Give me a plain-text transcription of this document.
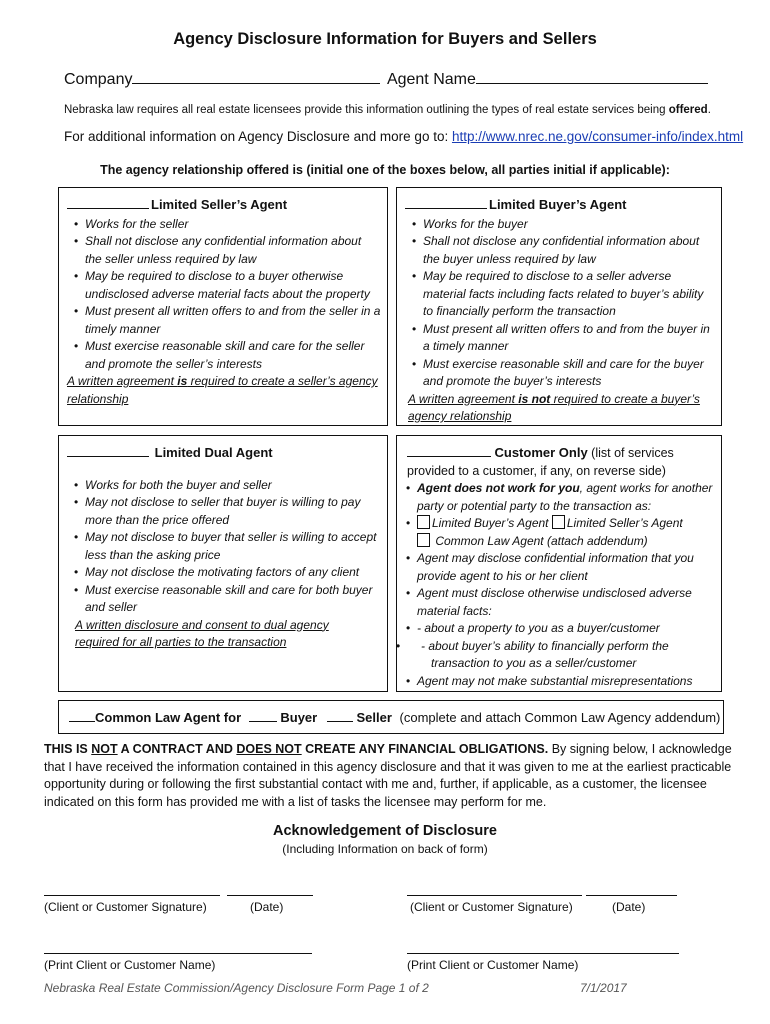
Agency Disclosure Information for Buyers and Sellers
Company	Agent Name
Nebraska law requires all real estate licensees provide this information outlining the types of real estate services being offered.
For additional information on Agency Disclosure and more go to: http://www.nrec.ne.gov/consumer-info/index.html
The agency relationship offered is (initial one of the boxes below, all parties initial if applicable):
Limited Seller’s Agent
• Works for the seller
• Shall not disclose any confidential information about the seller unless required by law
• May be required to disclose to a buyer otherwise undisclosed adverse material facts about the property
• Must present all written offers to and from the seller in a timely manner
• Must exercise reasonable skill and care for the seller and promote the seller’s interests
A written agreement is required to create a seller’s agency relationship
Limited Buyer’s Agent
• Works for the buyer
• Shall not disclose any confidential information about the buyer unless required by law
• May be required to disclose to a seller adverse material facts including facts related to buyer’s ability to financially perform the transaction
• Must present all written offers to and from the buyer in a timely manner
• Must exercise reasonable skill and care for the buyer and promote the buyer’s interests
A written agreement is not required to create a buyer’s agency relationship
Limited Dual Agent
• Works for both the buyer and seller
• May not disclose to seller that buyer is willing to pay more than the price offered
• May not disclose to buyer that seller is willing to accept less than the asking price
• May not disclose the motivating factors of any client
• Must exercise reasonable skill and care for both buyer and seller
A written disclosure and consent to dual agency required for all parties to the transaction
Customer Only (list of services provided to a customer, if any, on reverse side)
• Agent does not work for you, agent works for another party or potential party to the transaction as:
• Limited Buyer’s Agent Limited Seller’s Agent
Common Law Agent (attach addendum)
• Agent may disclose confidential information that you provide agent to his or her client
• Agent must disclose otherwise undisclosed adverse material facts:
• - about a property to you as a buyer/customer
• - about buyer’s ability to financially perform the transaction to you as a seller/customer
• Agent may not make substantial misrepresentations
Common Law Agent for	Buyer	Seller (complete and attach Common Law Agency addendum)
THIS IS NOT A CONTRACT AND DOES NOT CREATE ANY FINANCIAL OBLIGATIONS. By signing below, I acknowledge that I have received the information contained in this agency disclosure and that it was given to me at the earliest practicable opportunity during or following the first substantial contact with me and, further, if applicable, as a customer, the licensee indicated on this form has provided me with a list of tasks the licensee may perform for me.
Acknowledgement of Disclosure
(Including Information on back of form)
(Client or Customer Signature)	(Date)	(Client or Customer Signature)	(Date)
(Print Client or Customer Name)	(Print Client or Customer Name)
Nebraska Real Estate Commission/Agency Disclosure Form Page 1 of 2	7/1/2017
